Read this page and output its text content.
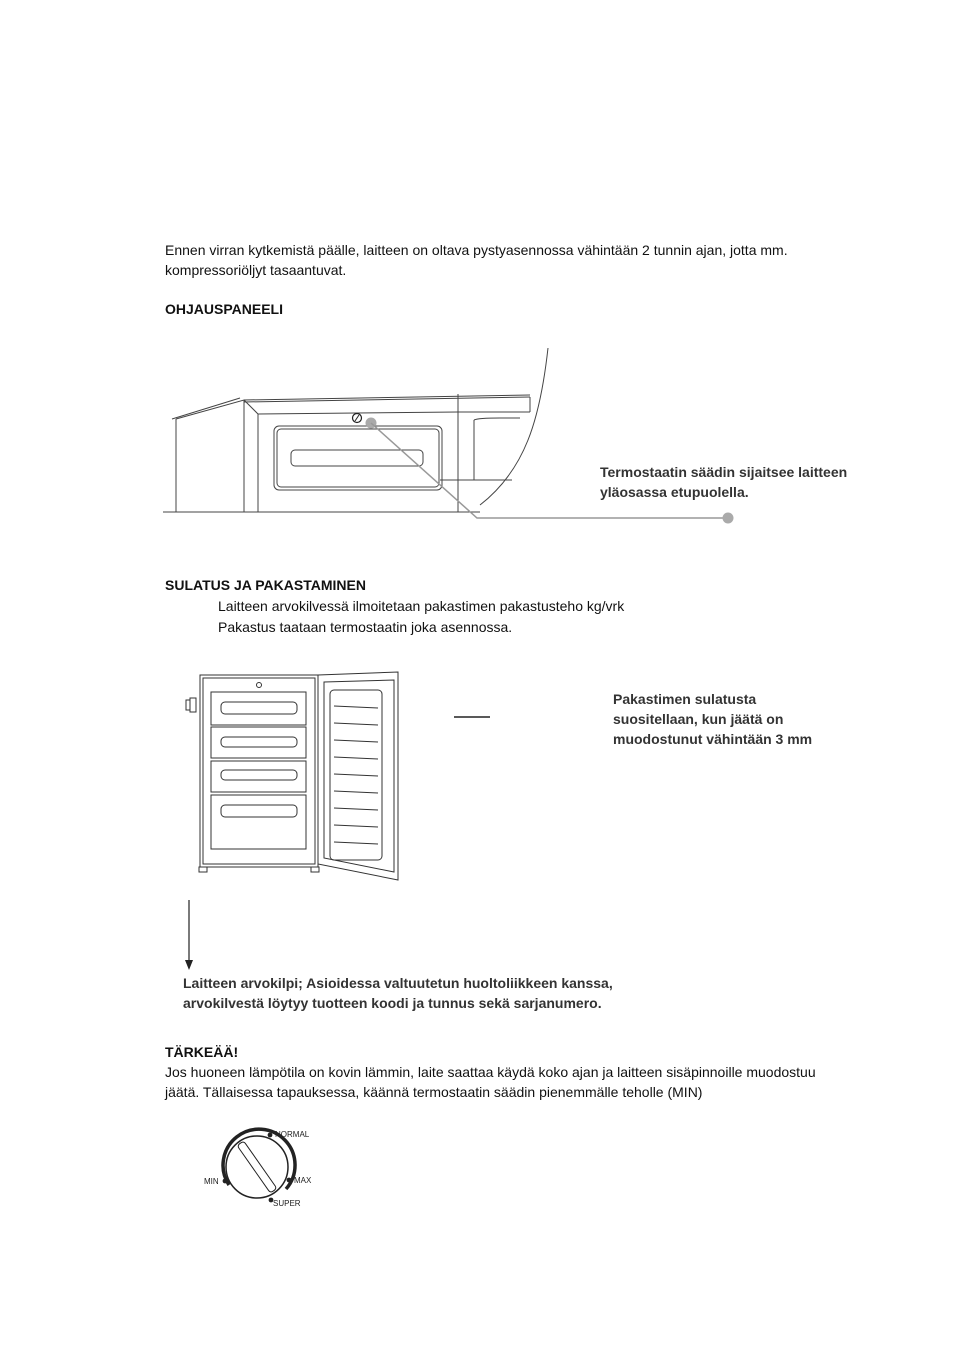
Ennen virran kytkemistä päälle, laitteen on oltava pystyasennossa vähintään 2 tunnin ajan, jotta mm.

kompressoriöljyt tasaantuvat.

OHJAUSPANEELI

Termostaatin säädin sijaitsee laitteen

yläosassa etupuolella.

SULATUS JA PAKASTAMINEN

Laitteen arvokilvessä ilmoitetaan pakastimen pakastusteho kg/vrk

Pakastus taataan termostaatin joka asennossa.

Pakastimen sulatusta

suositellaan, kun jäätä on

muodostunut vähintään 3 mm

Laitteen arvokilpi; Asioidessa valtuutetun huoltoliikkeen kanssa,

arvokilvestä löytyy tuotteen koodi ja tunnus sekä sarjanumero.

TÄRKEÄÄ!

Jos huoneen lämpötila on kovin lämmin, laite saattaa käydä koko ajan ja laitteen sisäpinnoille muodostuu

jäätä. Tällaisessa tapauksessa, käännä termostaatin säädin pienemmälle teholle (MIN)

NORMAL
MIN	MAX
SUPER
